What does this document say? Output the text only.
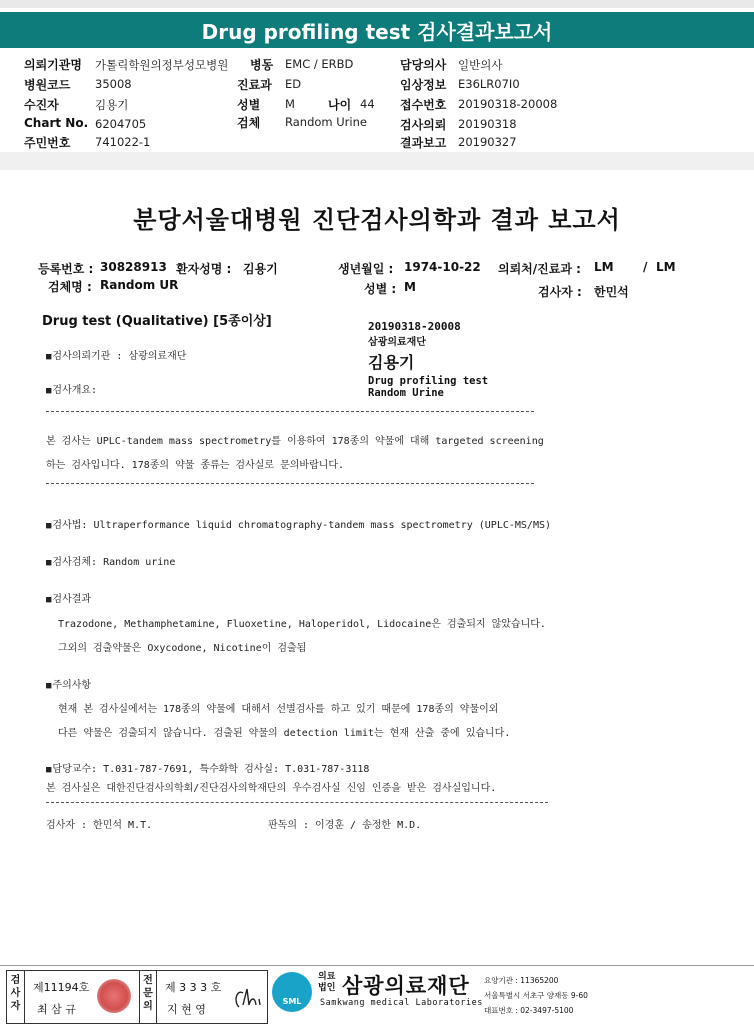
Drug profiling test 검사결과보고서
의뢰기관명 가톨릭학원의정부성모병원 병동 EMC / ERBD	담당의사 일반의사
병원코드 35008	진료과 ED	임상정보 E36LR07I0
수진자	김용기	성별 M	나이 44 접수번호 20190318-20008
Chart No. 6204705	검체 Random Urine	검사의뢰 20190318
주민번호 741022-1	결과보고 20190327
분당서울대병원 진단검사의학과 결과 보고서
등록번호 : 30828913 환자성명 : 김용기	생년월일 : 1974-10-22 의뢰처/진료과 : LM / LM
검체명 : Random UR	성별 : M	검사자 : 한민석
Drug test (Qualitative) [5종이상]	20190318-20008
삼광의료재단
김용기
Drug profiling test
Random Urine
■ 검사의뢰기관 : 삼광의료재단
■ 검사개요:
본 검사는 UPLC-tandem mass spectrometry를 이용하여 178종의 약물에 대해 targeted screening
하는 검사입니다. 178종의 약물 종류는 검사실로 문의바랍니다.
■ 검사법: Ultraperformance liquid chromatography-tandem mass spectrometry (UPLC-MS/MS)
■ 검사검체: Random urine
■ 검사결과
Trazodone, Methamphetamine, Fluoxetine, Haloperidol, Lidocaine은 검출되지 않았습니다.
그외의 검출약물은 Oxycodone, Nicotine이 검출됨
■ 주의사항
현재 본 검사실에서는 178종의 약물에 대해서 선별검사를 하고 있기 때문에 178종의 약물이외
다른 약물은 검출되지 않습니다. 검출된 약물의 detection limit는 현재 산출 중에 있습니다.
■ 담당교수: T.031-787-7691, 특수화학 검사실: T.031-787-3118
본 검사실은 대한진단검사의학회/진단검사의학재단의 우수검사실 신임 인증을 받은 검사실입니다.
검사자 : 한민석 M.T.	판독의 : 이경훈 / 송정한 M.D.
검사자
제11194호
최 삼 규
전문의
제 3 3 3 호
지 현 영
SML
의료법인 삼광의료재단
Samkwang medical Laboratories
요양기관 : 11365200
서울특별시 서초구 양재동 9-60
대표번호 : 02-3497-5100
